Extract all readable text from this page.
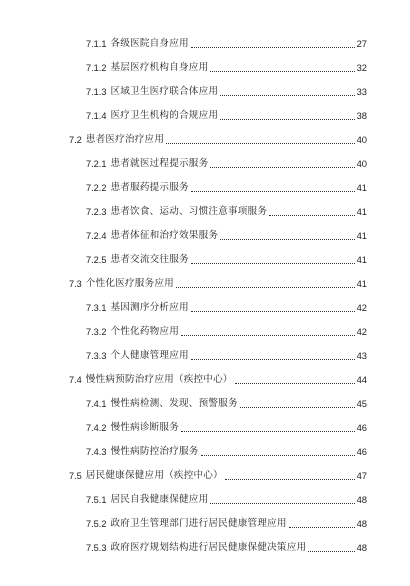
7.1.1 各级医院自身应用	27
7.1.2 基层医疗机构自身应用	32
7.1.3 区域卫生医疗联合体应用	33
7.1.4 医疗卫生机构的合规应用	38
7.2 患者医疗治疗应用	40
7.2.1 患者就医过程提示服务	40
7.2.2 患者服药提示服务	41
7.2.3 患者饮食、运动、习惯注意事项服务	41
7.2.4 患者体征和治疗效果服务	41
7.2.5 患者交流交往服务	41
7.3 个性化医疗服务应用	41
7.3.1 基因测序分析应用	42
7.3.2 个性化药物应用	42
7.3.3 个人健康管理应用	43
7.4 慢性病预防治疗应用（疾控中心）	44
7.4.1 慢性病检测、发现、预警服务	45
7.4.2 慢性病诊断服务	46
7.4.3 慢性病防控治疗服务	46
7.5 居民健康保健应用（疾控中心）	47
7.5.1 居民自我健康保健应用	48
7.5.2 政府卫生管理部门进行居民健康管理应用	48
7.5.3 政府医疗规划结构进行居民健康保健决策应用	48
